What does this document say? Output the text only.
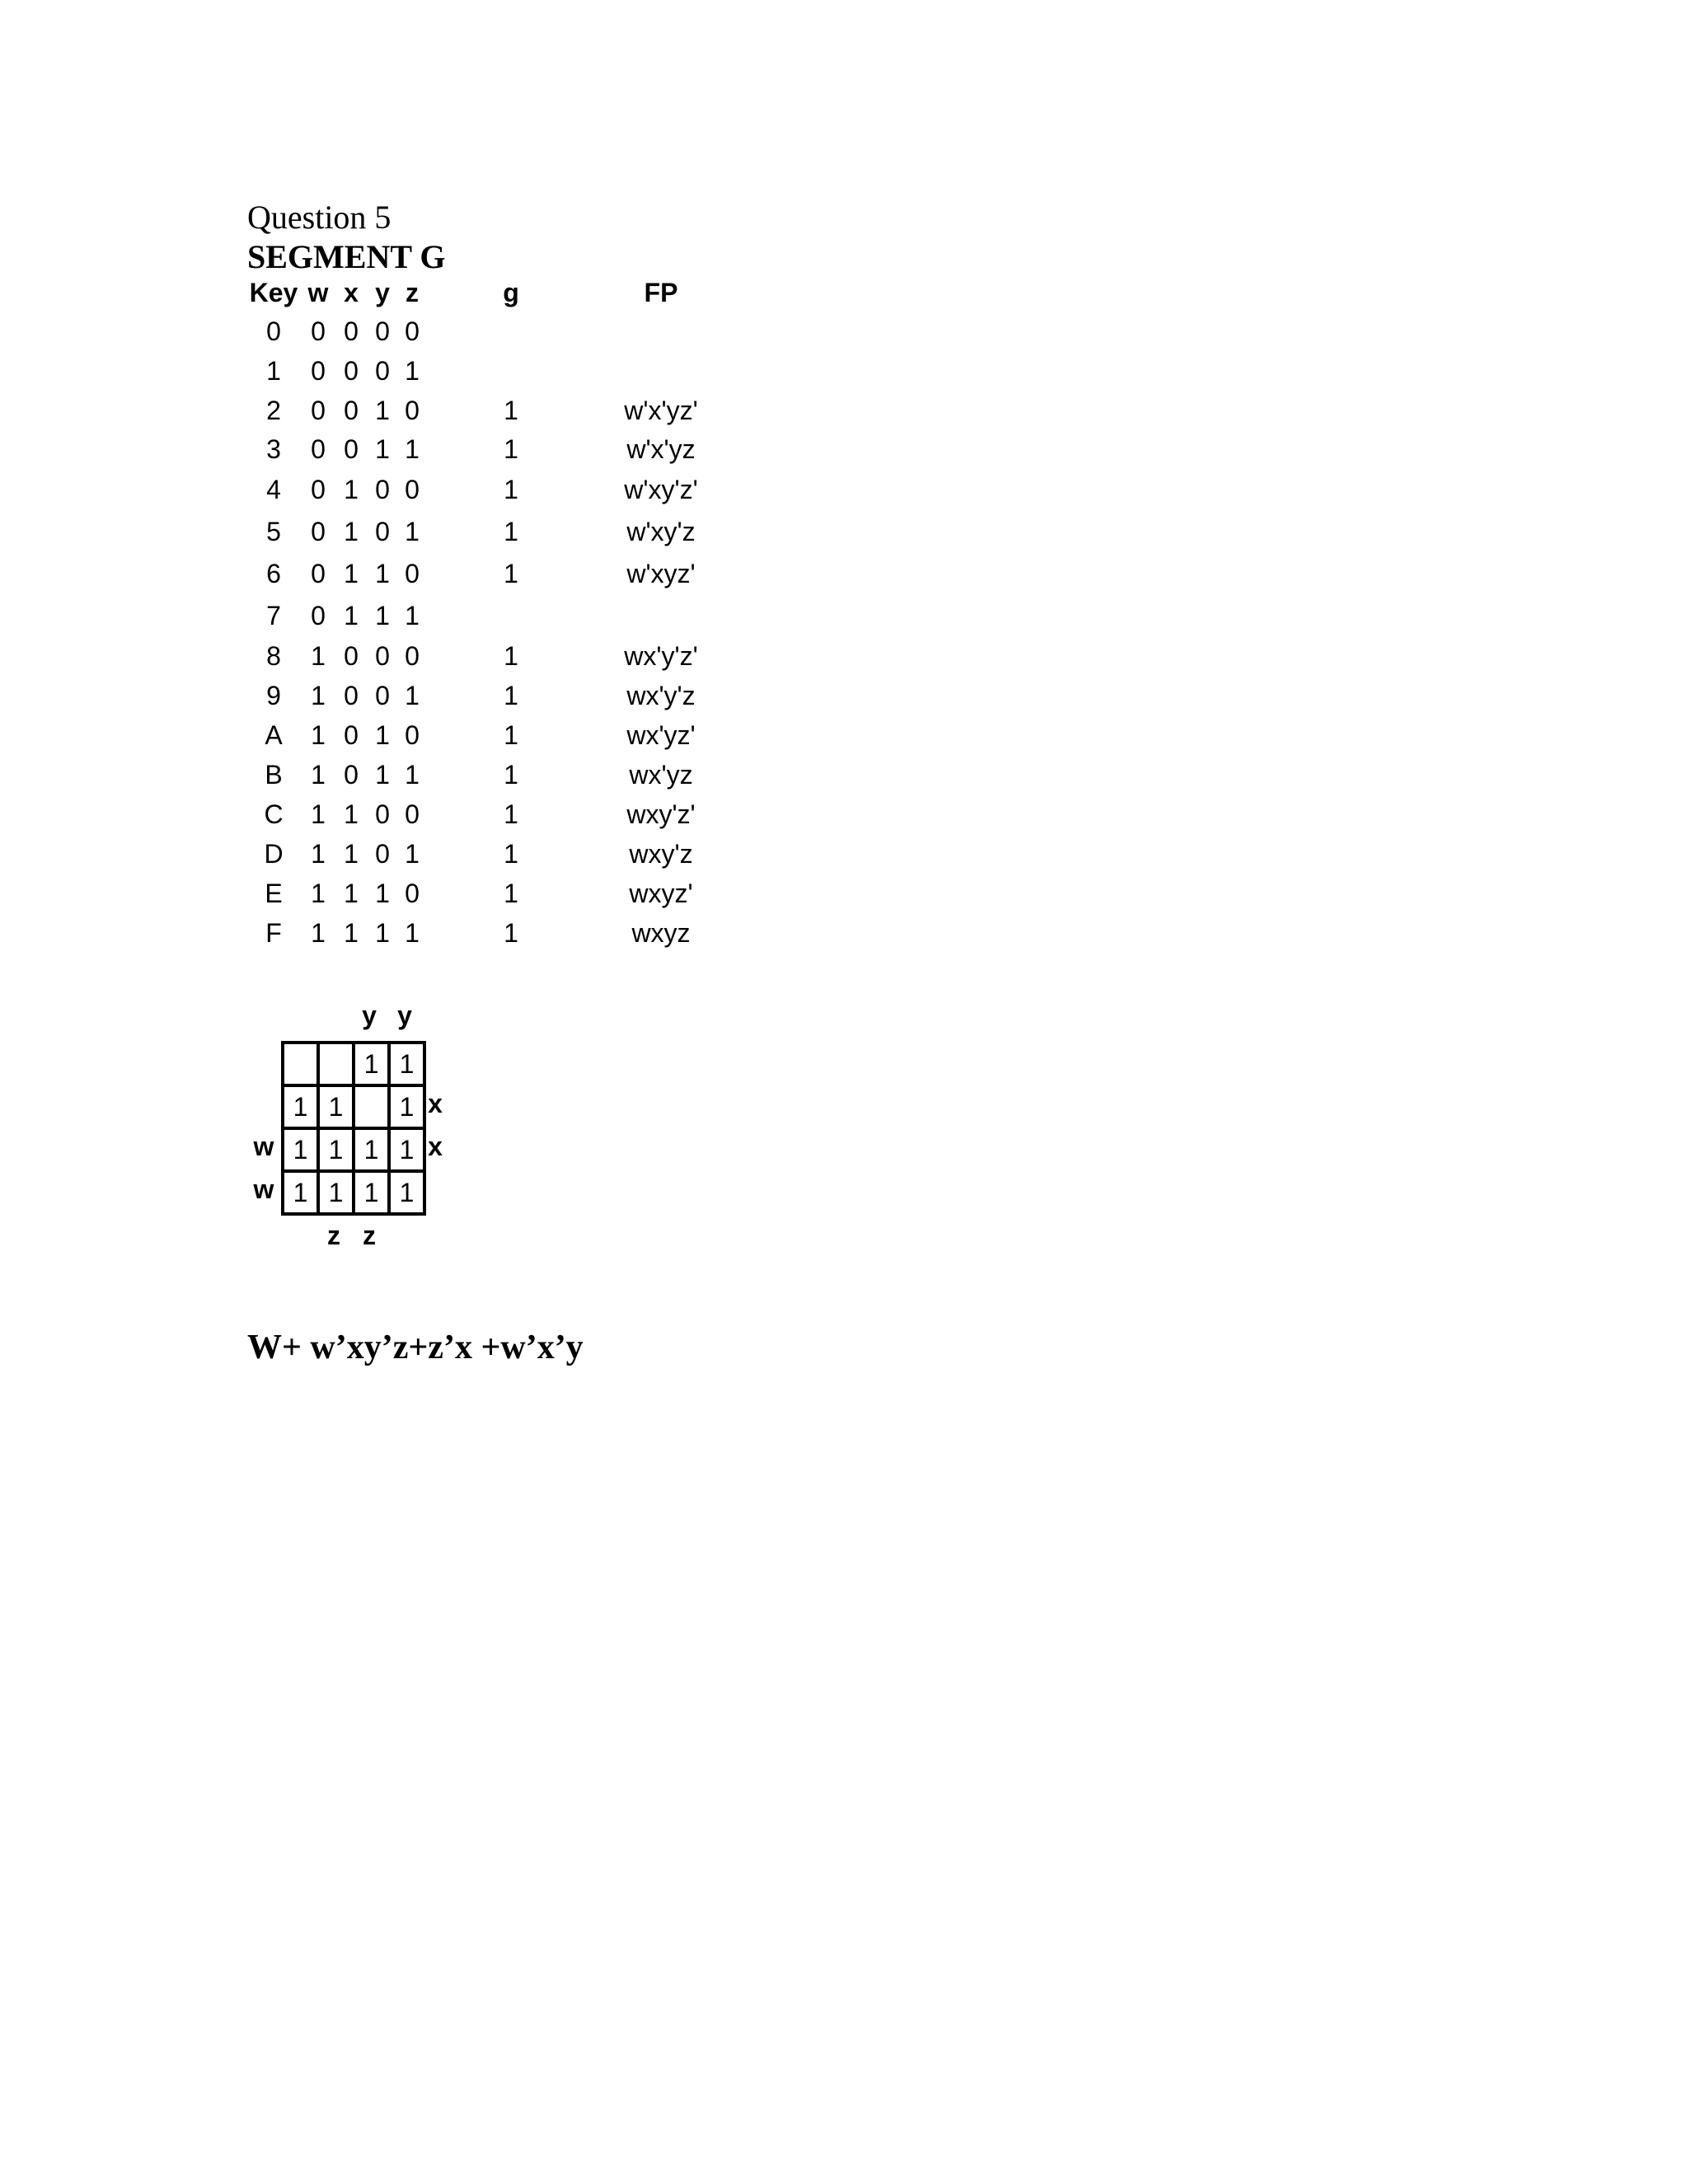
Question 5
SEGMENT G
Key w x y z	g	FP
0 0 0 0 0
1 0 0 0 1
2 0 0 1 0	1	w'x'yz'
3 0 0 1 1	1	w'x'yz
4 0 1 0 0	1	w'xy'z'
5 0 1 0 1	1	w'xy'z
6 0 1 1 0	1	w'xyz'
7 0 1 1 1
8 1 0 0 0	1	wx'y'z'
9 1 0 0 1	1	wx'y'z
A 1 0 1 0	1	wx'yz'
B 1 0 1 1	1	wx'yz
C 1 1 0 0	1	wxy'z'
D 1 1 0 1	1	wxy'z
E 1 1 1 0	1	wxyz'
F 1 1 1 1	1	wxyz
		1	1
1	1		1
1	1	1	1
1	1	1	1
y y
x
x
w
w
z z
W+ w’xy’z+z’x +w’x’y
